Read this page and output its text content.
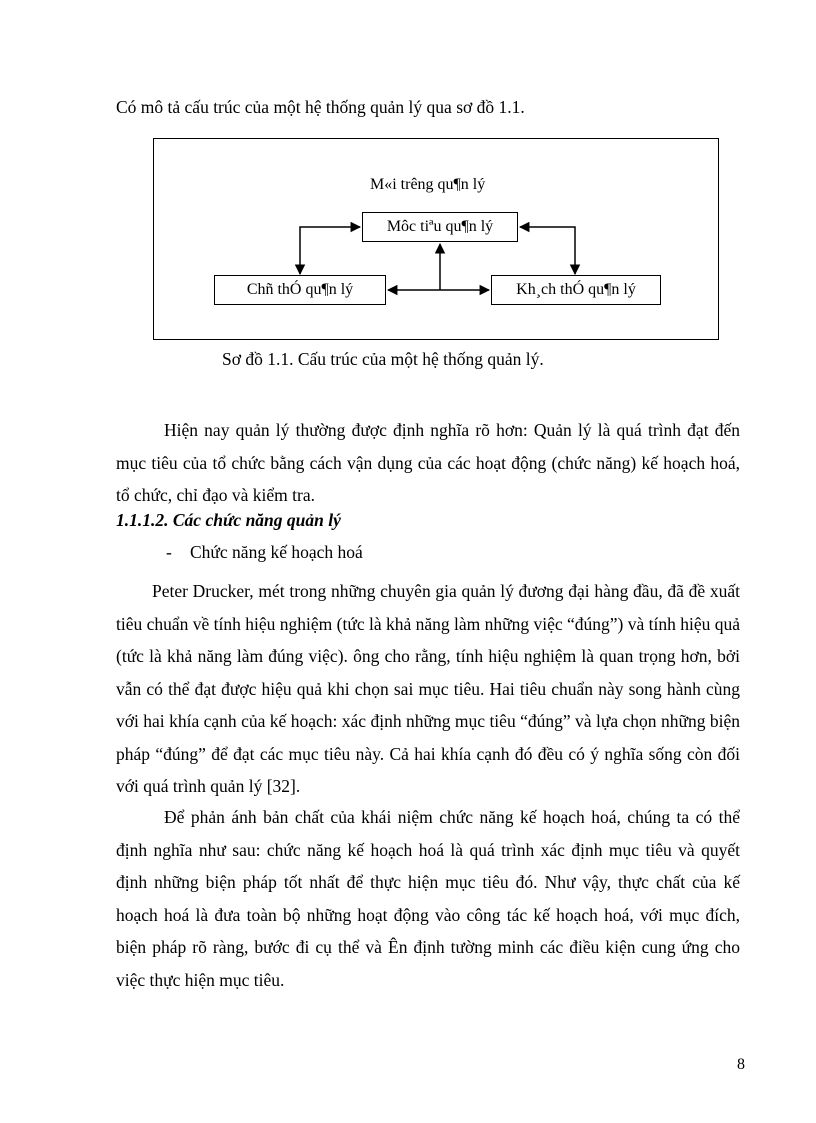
Có mô tả cấu trúc của một hệ thống quản lý qua sơ đồ 1.1.
M«i trêng qu¶n lý
Môc tiªu qu¶n lý
Chñ thÓ qu¶n lý	Kh¸ch thÓ qu¶n lý
Sơ đồ 1.1. Cấu trúc của một hệ thống quản lý.

Hiện nay quản lý thường được định nghĩa rõ hơn: Quản lý là quá trình đạt đến mục tiêu của tổ chức bằng cách vận dụng của các hoạt động (chức năng) kế hoạch hoá, tổ chức, chỉ đạo và kiểm tra.

1.1.1.2. Các chức năng quản lý
- Chức năng kế hoạch hoá

Peter Drucker, mét trong những chuyên gia quản lý đương đại hàng đầu, đã đề xuất tiêu chuẩn về tính hiệu nghiệm (tức là khả năng làm những việc “đúng”) và tính hiệu quả (tức là khả năng làm đúng việc). ông cho rằng, tính hiệu nghiệm là quan trọng hơn, bởi vẫn có thể đạt được hiệu quả khi chọn sai mục tiêu. Hai tiêu chuẩn này song hành cùng với hai khía cạnh của kế hoạch: xác định những mục tiêu “đúng” và lựa chọn những biện pháp “đúng” để đạt các mục tiêu này. Cả hai khía cạnh đó đều có ý nghĩa sống còn đối với quá trình quản lý [32].

Để phản ánh bản chất của khái niệm chức năng kế hoạch hoá, chúng ta có thể định nghĩa như sau: chức năng kế hoạch hoá là quá trình xác định mục tiêu và quyết định những biện pháp tốt nhất để thực hiện mục tiêu đó. Như vậy, thực chất của kế hoạch hoá là đưa toàn bộ những hoạt động vào công tác kế hoạch hoá, với mục đích, biện pháp rõ ràng, bước đi cụ thể và Ên định tường minh các điều kiện cung ứng cho việc thực hiện mục tiêu.

8
